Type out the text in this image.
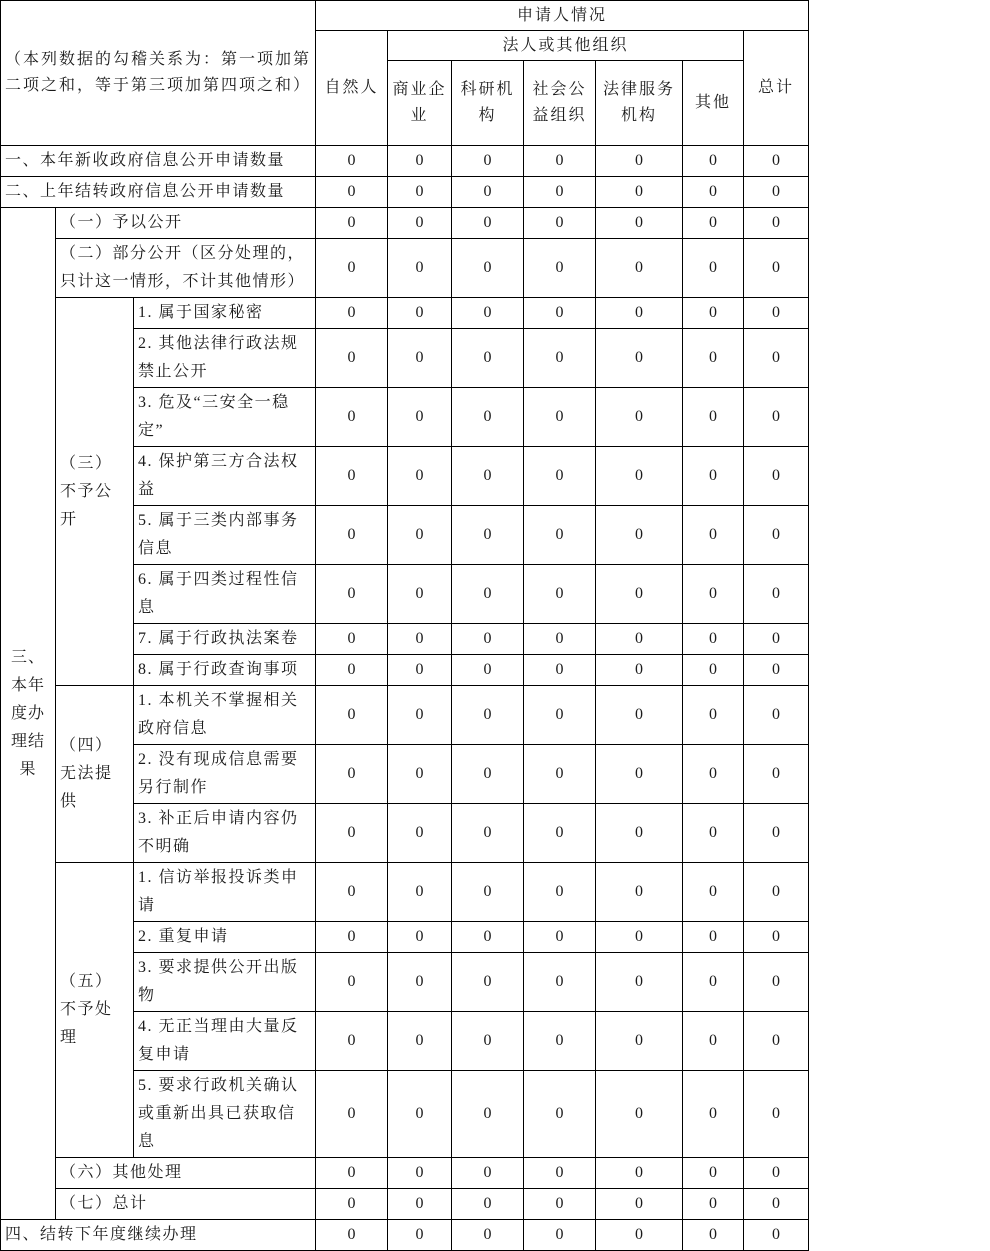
（本列数据的勾稽关系为：第一项加第二项之和，等于第三项加第四项之和）			申请人情况						
			自然人	法人或其他组织					总计
				商业企业	科研机构	社会公益组织	法律服务机构	其他	
一、本年新收政府信息公开申请数量			0	0	0	0	0	0	0
二、上年结转政府信息公开申请数量			0	0	0	0	0	0	0
三、本年度办理结果	（一）予以公开		0	0	0	0	0	0	0
	（二）部分公开（区分处理的，只计这一情形，不计其他情形）		0	0	0	0	0	0	0
	（三）不予公开	1. 属于国家秘密	0	0	0	0	0	0	0
		2. 其他法律行政法规禁止公开	0	0	0	0	0	0	0
		3. 危及“三安全一稳定”	0	0	0	0	0	0	0
		4. 保护第三方合法权益	0	0	0	0	0	0	0
		5. 属于三类内部事务信息	0	0	0	0	0	0	0
		6. 属于四类过程性信息	0	0	0	0	0	0	0
		7. 属于行政执法案卷	0	0	0	0	0	0	0
		8. 属于行政查询事项	0	0	0	0	0	0	0
	（四）无法提供	1. 本机关不掌握相关政府信息	0	0	0	0	0	0	0
		2. 没有现成信息需要另行制作	0	0	0	0	0	0	0
		3. 补正后申请内容仍不明确	0	0	0	0	0	0	0
	（五）不予处理	1. 信访举报投诉类申请	0	0	0	0	0	0	0
		2. 重复申请	0	0	0	0	0	0	0
		3. 要求提供公开出版物	0	0	0	0	0	0	0
		4. 无正当理由大量反复申请	0	0	0	0	0	0	0
		5. 要求行政机关确认或重新出具已获取信息	0	0	0	0	0	0	0
	（六）其他处理		0	0	0	0	0	0	0
	（七）总计		0	0	0	0	0	0	0
四、结转下年度继续办理			0	0	0	0	0	0	0
